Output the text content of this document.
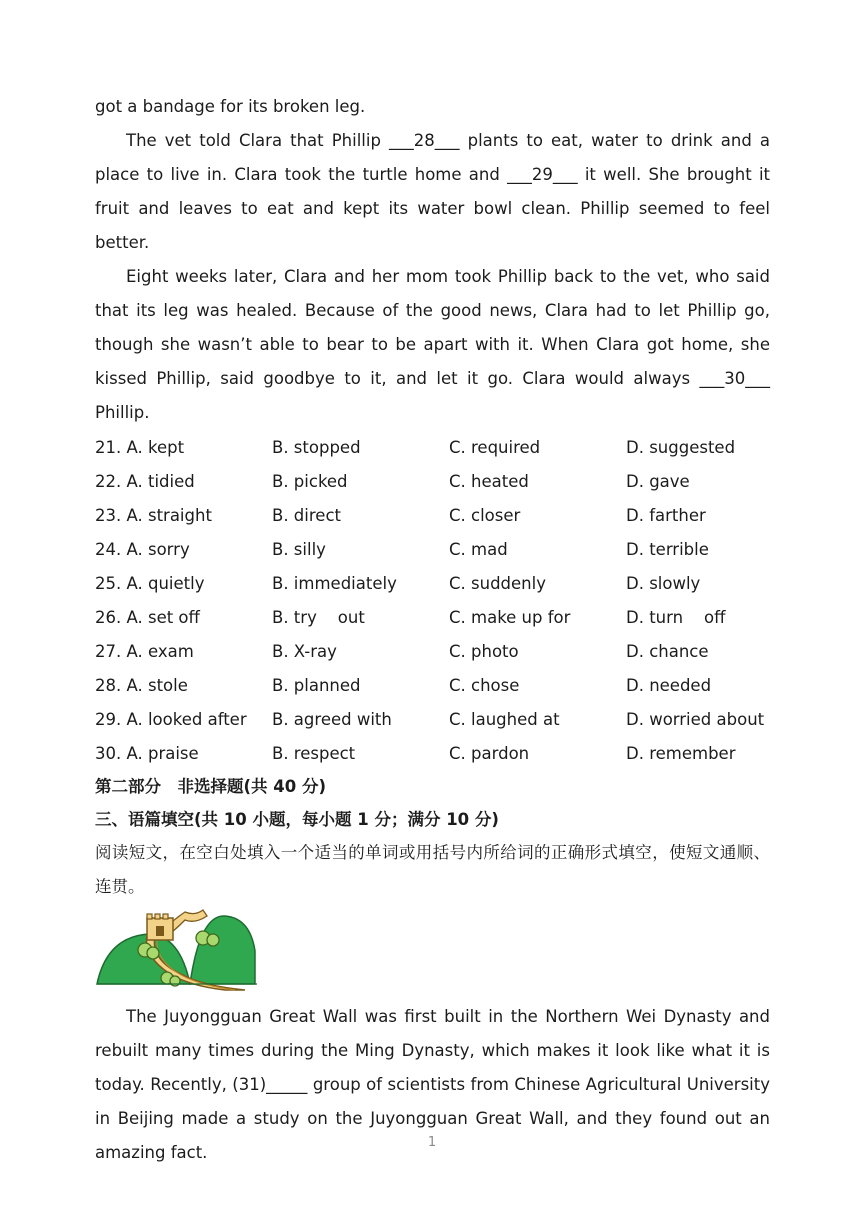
got a bandage for its broken leg.

The vet told Clara that Phillip ___28___ plants to eat, water to drink and a place to live in. Clara took the turtle home and ___29___ it well. She brought it fruit and leaves to eat and kept its water bowl clean. Phillip seemed to feel better.

Eight weeks later, Clara and her mom took Phillip back to the vet, who said that its leg was healed. Because of the good news, Clara had to let Phillip go, though she wasn’t able to bear to be apart with it. When Clara got home, she kissed Phillip, said goodbye to it, and let it go. Clara would always ___30___ Phillip.

21. A. kept	B. stopped	C. required	D. suggested
22. A. tidied	B. picked	C. heated	D. gave
23. A. straight	B. direct	C. closer	D. farther
24. A. sorry	B. silly	C. mad	D. terrible
25. A. quietly	B. immediately	C. suddenly	D. slowly
26. A. set off	B. try    out	C. make up for	D. turn    off
27. A. exam	B. X-ray	C. photo	D. chance
28. A. stole	B. planned	C. chose	D. needed
29. A. looked after	B. agreed with	C. laughed at	D. worried about
30. A. praise	B. respect	C. pardon	D. remember

第二部分　非选择题(共 40 分)

三、语篇填空(共 10 小题，每小题 1 分；满分 10 分)

阅读短文，在空白处填入一个适当的单词或用括号内所给词的正确形式填空，使短文通顺、连贯。

The Juyongguan Great Wall was first built in the Northern Wei Dynasty and rebuilt many times during the Ming Dynasty, which makes it look like what it is today. Recently, (31)_____ group of scientists from Chinese Agricultural University in Beijing made a study on the Juyongguan Great Wall, and they found out an amazing fact.

1
